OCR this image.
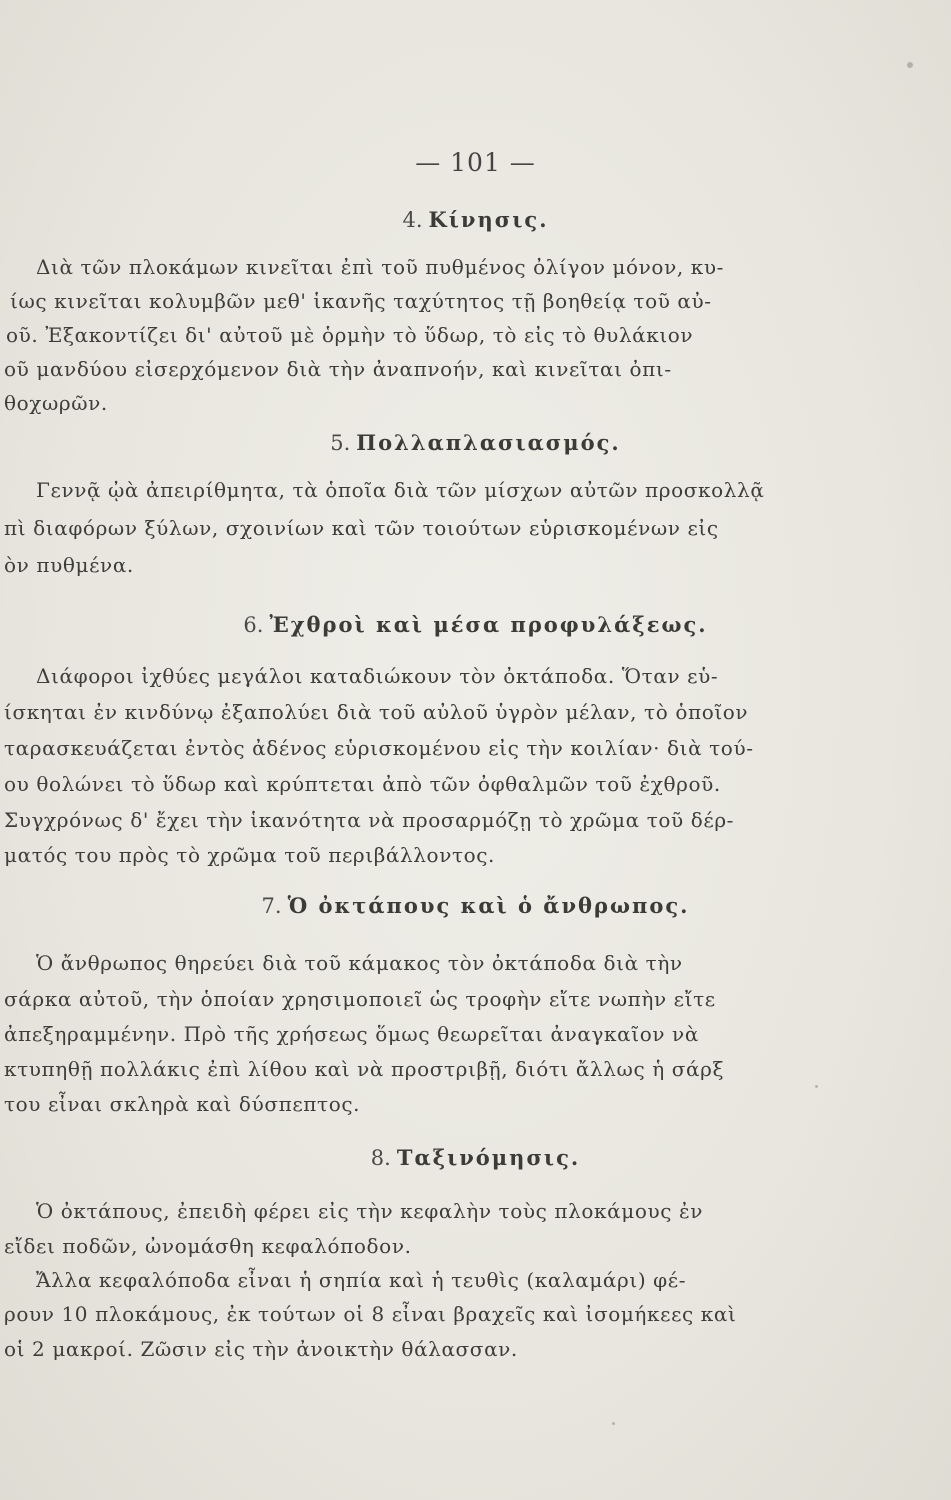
— 101 —
4. Κίνησις.
Διὰ τῶν πλοκάμων κινεῖται ἐπὶ τοῦ πυθμένος ὀλίγον μόνον, κυ-
ίως κινεῖται κολυμβῶν μεθ' ἱκανῆς ταχύτητος τῇ βοηθείᾳ τοῦ αὐ-
οῦ. Ἐξακοντίζει δι' αὐτοῦ μὲ ὁρμὴν τὸ ὕδωρ, τὸ εἰς τὸ θυλάκιον
οῦ μανδύου εἰσερχόμενον διὰ τὴν ἀναπνοήν, καὶ κινεῖται ὀπι-
θοχωρῶν.
5. Πολλαπλασιασμός.
Γεννᾷ ᾠὰ ἀπειρίθμητα, τὰ ὁποῖα διὰ τῶν μίσχων αὐτῶν προσκολλᾷ
πὶ διαφόρων ξύλων, σχοινίων καὶ τῶν τοιούτων εὑρισκομένων εἰς
ὸν πυθμένα.
6. Ἐχθροὶ καὶ μέσα προφυλάξεως.
Διάφοροι ἰχθύες μεγάλοι καταδιώκουν τὸν ὀκτάποδα. Ὅταν εὑ-
ίσκηται ἐν κινδύνῳ ἐξαπολύει διὰ τοῦ αὐλοῦ ὑγρὸν μέλαν, τὸ ὁποῖον
ταρασκευάζεται ἐντὸς ἀδένος εὑρισκομένου εἰς τὴν κοιλίαν· διὰ τού-
ου θολώνει τὸ ὕδωρ καὶ κρύπτεται ἀπὸ τῶν ὀφθαλμῶν τοῦ ἐχθροῦ.
Συγχρόνως δ' ἔχει τὴν ἱκανότητα νὰ προσαρμόζῃ τὸ χρῶμα τοῦ δέρ-
ματός του πρὸς τὸ χρῶμα τοῦ περιβάλλοντος.
7. Ὁ ὀκτάπους καὶ ὁ ἄνθρωπος.
Ὁ ἄνθρωπος θηρεύει διὰ τοῦ κάμακος τὸν ὀκτάποδα διὰ τὴν
σάρκα αὐτοῦ, τὴν ὁποίαν χρησιμοποιεῖ ὡς τροφὴν εἴτε νωπὴν εἴτε
ἀπεξηραμμένην. Πρὸ τῆς χρήσεως ὅμως θεωρεῖται ἀναγκαῖον νὰ
κτυπηθῇ πολλάκις ἐπὶ λίθου καὶ νὰ προστριβῇ, διότι ἄλλως ἡ σάρξ
του εἶναι σκληρὰ καὶ δύσπεπτος.
8. Ταξινόμησις.
Ὁ ὀκτάπους, ἐπειδὴ φέρει εἰς τὴν κεφαλὴν τοὺς πλοκάμους ἐν
εἴδει ποδῶν, ὠνομάσθη κεφαλόποδον.
Ἄλλα κεφαλόποδα εἶναι ἡ σηπία καὶ ἡ τευθὶς (καλαμάρι) φέ-
ρουν 10 πλοκάμους, ἐκ τούτων οἱ 8 εἶναι βραχεῖς καὶ ἰσομήκεες καὶ
οἱ 2 μακροί. Ζῶσιν εἰς τὴν ἀνοικτὴν θάλασσαν.
